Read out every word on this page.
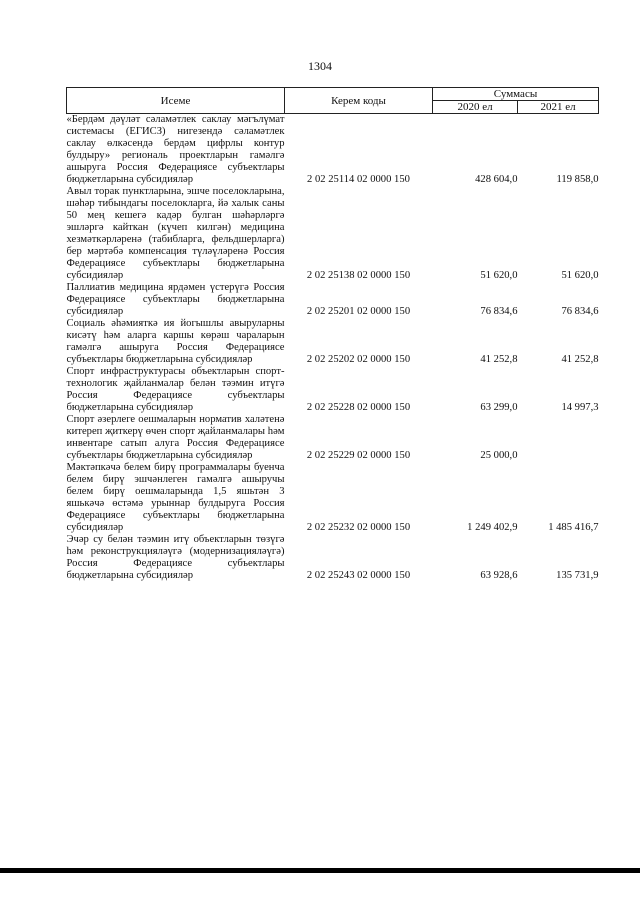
1304
Исеме	Керем коды	Суммасы	
		2020 ел	2021 ел
«Бердәм дәүләт сәламәтлек саклау мәгълүмат системасы (ЕГИСЗ) нигезендә сәламәтлек саклау өлкәсендә бердәм цифрлы контур булдыру» региональ проектларын гамәлгә ашыруга Россия Федерациясе субъектлары бюджетларына субсидияләр	2 02 25114 02 0000 150	428 604,0	119 858,0
Авыл торак пунктларына, эшче поселокларына, шәһәр тибындагы поселокларга, йә халык саны 50 мең кешегә кадәр булган шәһәрләргә эшләргә кайткан (күчеп килгән) медицина хезмәткәрләренә (табибларга, фельдшерларга) бер мәртәбә компенсация түләүләренә Россия Федерациясе субъектлары бюджетларына субсидияләр	2 02 25138 02 0000 150	51 620,0	51 620,0
Паллиатив медицина ярдәмен үстерүгә Россия Федерациясе субъектлары бюджетларына субсидияләр	2 02 25201 02 0000 150	76 834,6	76 834,6
Социаль әһәмияткә ия йогышлы авыруларны кисәтү һәм аларга каршы көрәш чараларын гамәлгә ашыруга Россия Федерациясе субъектлары бюджетларына субсидияләр	2 02 25202 02 0000 150	41 252,8	41 252,8
Спорт инфраструктурасы объектларын спорт-технологик җайланмалар белән тәэмин итүгә Россия Федерациясе субъектлары бюджетларына субсидияләр	2 02 25228 02 0000 150	63 299,0	14 997,3
Спорт әзерлеге оешмаларын норматив халәтенә китереп җиткерү өчен спорт җайланмалары һәм инвентаре сатып алуга Россия Федерациясе субъектлары бюджетларына субсидияләр	2 02 25229 02 0000 150	25 000,0	
Мәктәпкәчә белем бирү программалары буенча белем бирү эшчәнлеген гамәлгә ашыручы белем бирү оешмаларында 1,5 яшьтән 3 яшькәчә өстәмә урыннар булдыруга Россия Федерациясе субъектлары бюджетларына субсидияләр	2 02 25232 02 0000 150	1 249 402,9	1 485 416,7
Эчәр су белән тәэмин итү объектларын төзүгә һәм реконструкцияләүгә (модернизацияләүгә) Россия Федерациясе субъектлары бюджетларына субсидияләр	2 02 25243 02 0000 150	63 928,6	135 731,9
